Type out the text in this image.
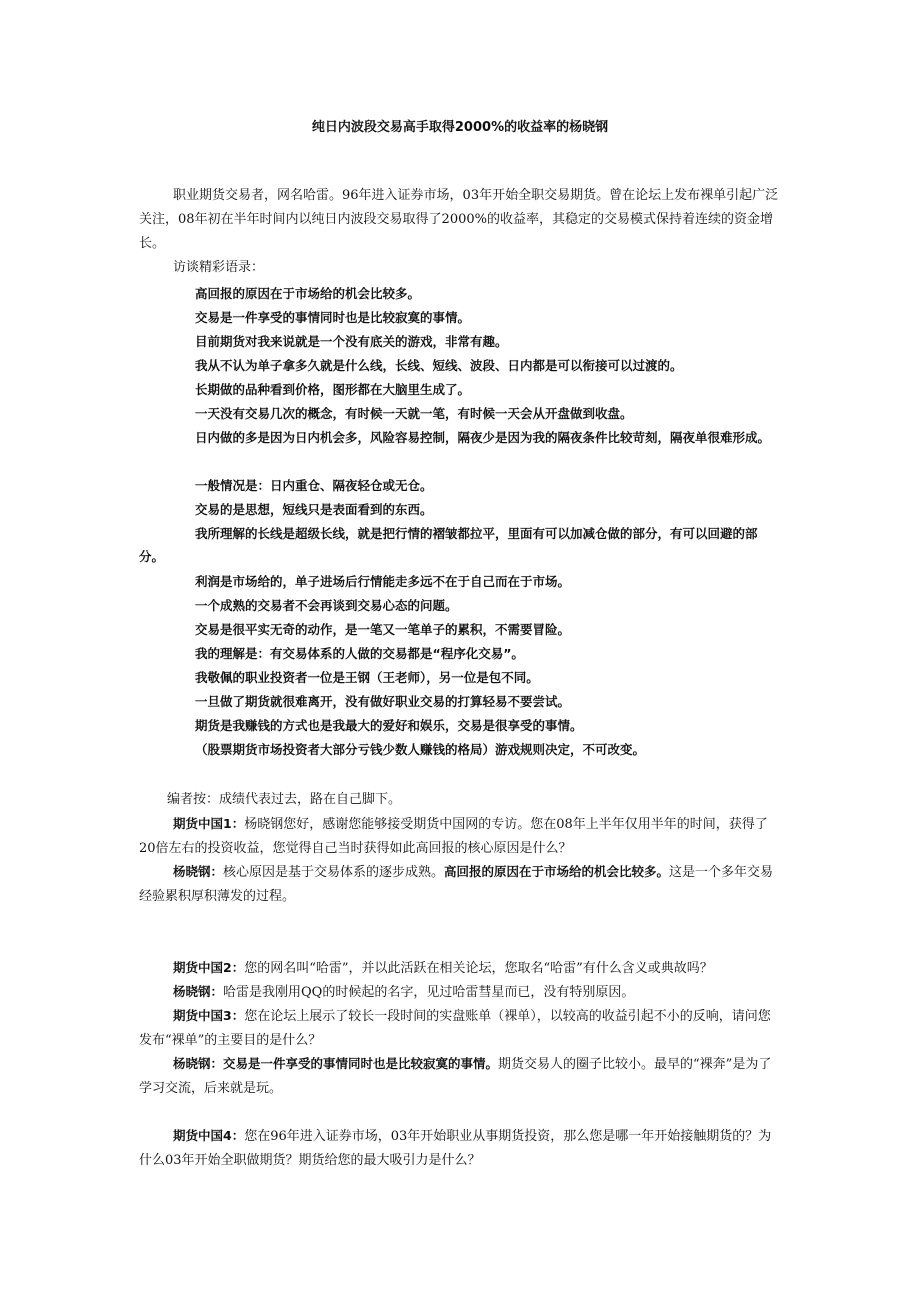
纯日内波段交易高手取得2000%的收益率的杨晓钢

职业期货交易者，网名哈雷。96年进入证券市场，03年开始全职交易期货。曾在论坛上发布裸单引起广泛关注，08年初在半年时间内以纯日内波段交易取得了2000%的收益率，其稳定的交易模式保持着连续的资金增长。

访谈精彩语录：

高回报的原因在于市场给的机会比较多。

交易是一件享受的事情同时也是比较寂寞的事情。

目前期货对我来说就是一个没有底关的游戏，非常有趣。

我从不认为单子拿多久就是什么线，长线、短线、波段、日内都是可以衔接可以过渡的。

长期做的品种看到价格，图形都在大脑里生成了。

一天没有交易几次的概念，有时候一天就一笔，有时候一天会从开盘做到收盘。

日内做的多是因为日内机会多，风险容易控制，隔夜少是因为我的隔夜条件比较苛刻，隔夜单很难形成。

一般情况是：日内重仓、隔夜轻仓或无仓。

交易的是思想，短线只是表面看到的东西。

我所理解的长线是超级长线，就是把行情的褶皱都拉平，里面有可以加减仓做的部分，有可以回避的部分。

利润是市场给的，单子进场后行情能走多远不在于自己而在于市场。

一个成熟的交易者不会再谈到交易心态的问题。

交易是很平实无奇的动作，是一笔又一笔单子的累积，不需要冒险。

我的理解是：有交易体系的人做的交易都是“程序化交易”。

我敬佩的职业投资者一位是王钢（王老师），另一位是包不同。

一旦做了期货就很难离开，没有做好职业交易的打算轻易不要尝试。

期货是我赚钱的方式也是我最大的爱好和娱乐，交易是很享受的事情。

（股票期货市场投资者大部分亏钱少数人赚钱的格局）游戏规则决定，不可改变。

编者按：成绩代表过去，路在自己脚下。

期货中国1：杨晓钢您好，感谢您能够接受期货中国网的专访。您在08年上半年仅用半年的时间，获得了20倍左右的投资收益，您觉得自己当时获得如此高回报的核心原因是什么？

杨晓钢：核心原因是基于交易体系的逐步成熟。高回报的原因在于市场给的机会比较多。这是一个多年交易经验累积厚积薄发的过程。

期货中国2：您的网名叫“哈雷”，并以此活跃在相关论坛，您取名“哈雷”有什么含义或典故吗？

杨晓钢：哈雷是我刚用QQ的时候起的名字，见过哈雷彗星而已，没有特别原因。

期货中国3：您在论坛上展示了较长一段时间的实盘账单（裸单），以较高的收益引起不小的反响，请问您发布“裸单”的主要目的是什么？

杨晓钢：交易是一件享受的事情同时也是比较寂寞的事情。期货交易人的圈子比较小。最早的“裸奔”是为了学习交流，后来就是玩。

期货中国4：您在96年进入证券市场，03年开始职业从事期货投资，那么您是哪一年开始接触期货的？为什么03年开始全职做期货？期货给您的最大吸引力是什么？
